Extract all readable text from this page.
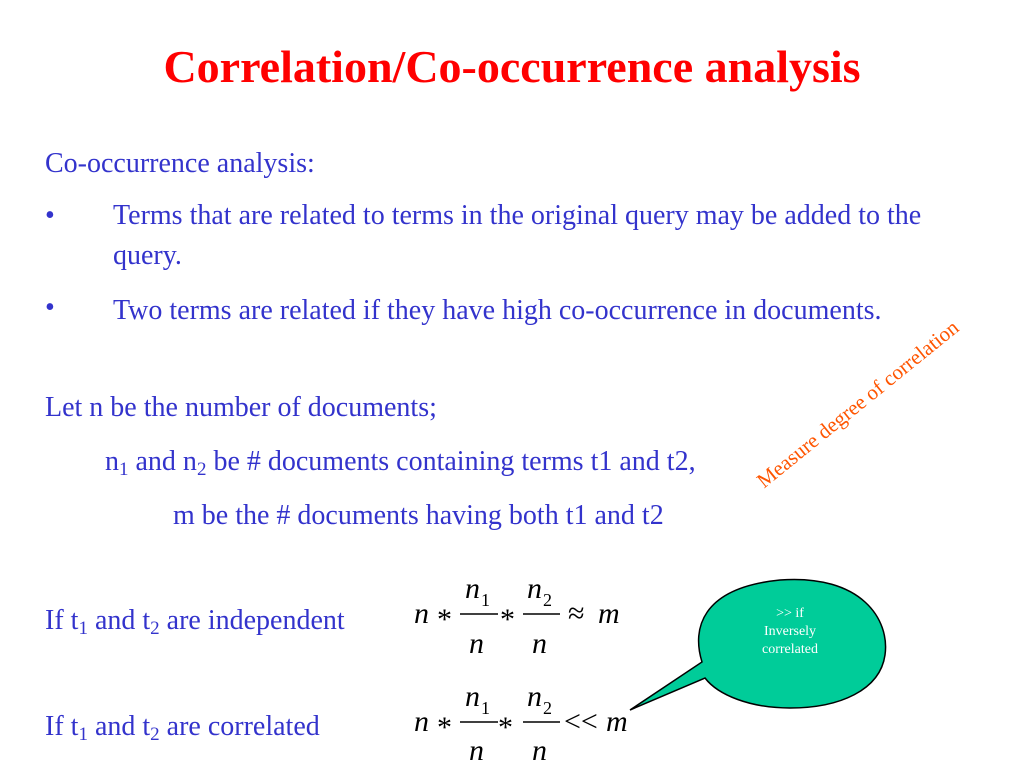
Correlation/Co-occurrence analysis
Co-occurrence analysis:
• Terms that are related to terms in the original query may be added to the query.
• Two terms are related if they have high co-occurrence in documents.
Let n be the number of documents;
$n_1$ and $n_2$ be # documents containing terms t1 and t2,
m be the # documents having both t1 and t2
If $t_1$ and $t_2$ are independent
If $t_1$ and $t_2$ are correlated
Measure degree of correlation
n *
n 1
n
*
n 2
n
≈ m
n *
n 1
n
*
n 2
n
<< m
>> if
Inversely
correlated
